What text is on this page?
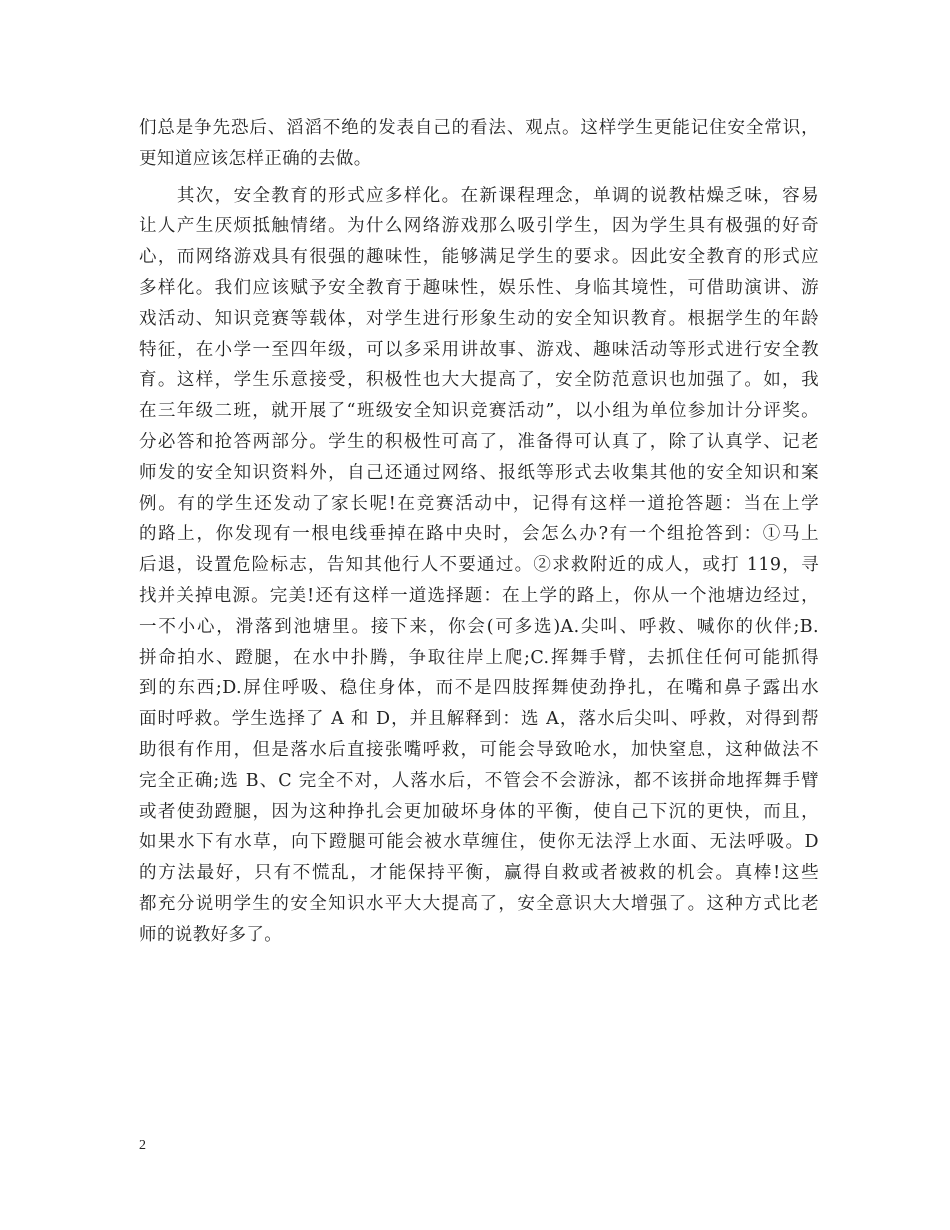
们总是争先恐后、滔滔不绝的发表自己的看法、观点。这样学生更能记住安全常识，
更知道应该怎样正确的去做。
　　其次，安全教育的形式应多样化。在新课程理念，单调的说教枯燥乏味，容易
让人产生厌烦抵触情绪。为什么网络游戏那么吸引学生，因为学生具有极强的好奇
心，而网络游戏具有很强的趣味性，能够满足学生的要求。因此安全教育的形式应
多样化。我们应该赋予安全教育于趣味性，娱乐性、身临其境性，可借助演讲、游
戏活动、知识竞赛等载体，对学生进行形象生动的安全知识教育。根据学生的年龄
特征，在小学一至四年级，可以多采用讲故事、游戏、趣味活动等形式进行安全教
育。这样，学生乐意接受，积极性也大大提高了，安全防范意识也加强了。如，我
在三年级二班，就开展了“班级安全知识竞赛活动”，以小组为单位参加计分评奖。
分必答和抢答两部分。学生的积极性可高了，准备得可认真了，除了认真学、记老
师发的安全知识资料外，自己还通过网络、报纸等形式去收集其他的安全知识和案
例。有的学生还发动了家长呢!在竞赛活动中，记得有这样一道抢答题：当在上学
的路上，你发现有一根电线垂掉在路中央时，会怎么办?有一个组抢答到：①马上
后退，设置危险标志，告知其他行人不要通过。②求救附近的成人，或打 119，寻
找并关掉电源。完美!还有这样一道选择题：在上学的路上，你从一个池塘边经过，
一不小心，滑落到池塘里。接下来，你会(可多选)A.尖叫、呼救、喊你的伙伴;B.
拼命拍水、蹬腿，在水中扑腾，争取往岸上爬;C.挥舞手臂，去抓住任何可能抓得
到的东西;D.屏住呼吸、稳住身体，而不是四肢挥舞使劲挣扎，在嘴和鼻子露出水
面时呼救。学生选择了 A 和 D，并且解释到：选 A，落水后尖叫、呼救，对得到帮
助很有作用，但是落水后直接张嘴呼救，可能会导致呛水，加快窒息，这种做法不
完全正确;选 B、C 完全不对，人落水后，不管会不会游泳，都不该拼命地挥舞手臂
或者使劲蹬腿，因为这种挣扎会更加破坏身体的平衡，使自己下沉的更快，而且，
如果水下有水草，向下蹬腿可能会被水草缠住，使你无法浮上水面、无法呼吸。D
的方法最好，只有不慌乱，才能保持平衡，赢得自救或者被救的机会。真棒!这些
都充分说明学生的安全知识水平大大提高了，安全意识大大增强了。这种方式比老
师的说教好多了。
2
